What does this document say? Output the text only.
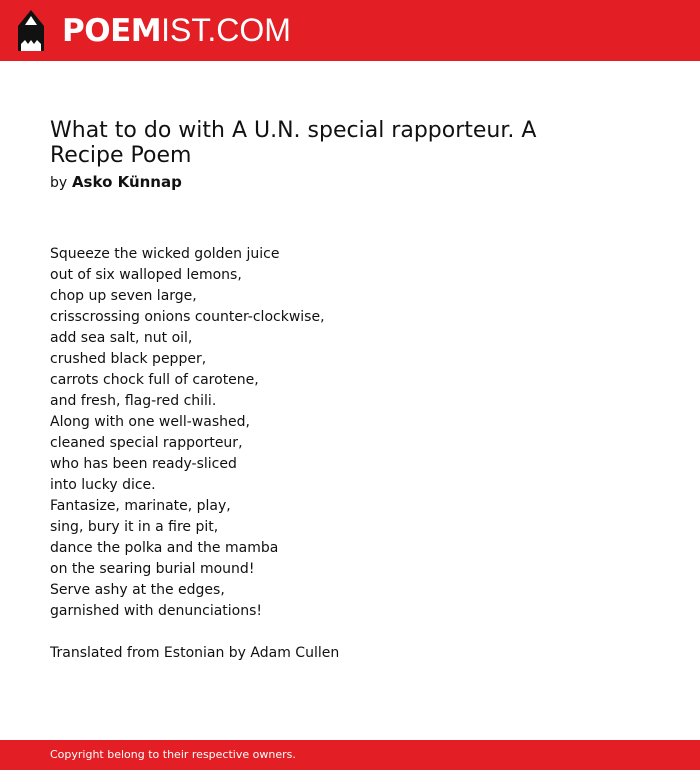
POEMIST.COM
What to do with A U.N. special rapporteur. A Recipe Poem
by Asko Künnap
Squeeze the wicked golden juice
out of six walloped lemons,
chop up seven large,
crisscrossing onions counter-clockwise,
add sea salt, nut oil,
crushed black pepper,
carrots chock full of carotene,
and fresh, flag-red chili.
Along with one well-washed,
cleaned special rapporteur,
who has been ready-sliced
into lucky dice.
Fantasize, marinate, play,
sing, bury it in a fire pit,
dance the polka and the mamba
on the searing burial mound!
Serve ashy at the edges,
garnished with denunciations!
Translated from Estonian by Adam Cullen
Copyright belong to their respective owners.
